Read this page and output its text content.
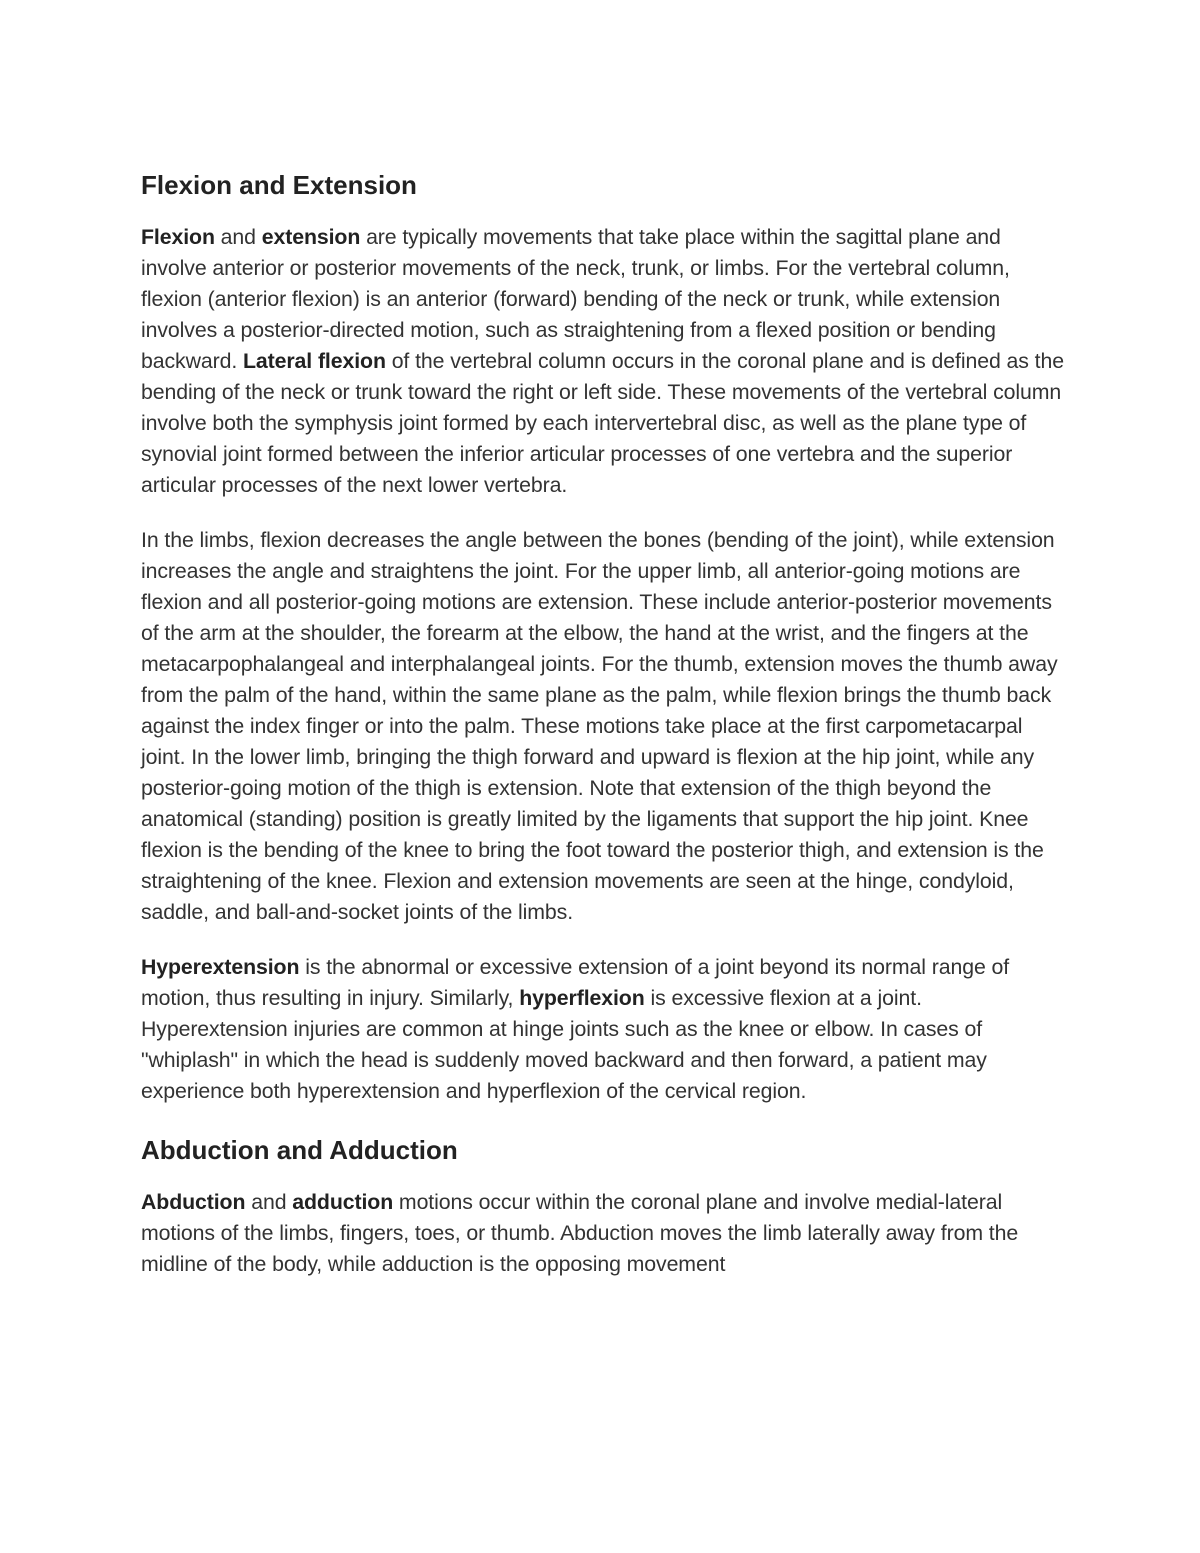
Flexion and Extension

Flexion and extension are typically movements that take place within the sagittal plane and involve anterior or posterior movements of the neck, trunk, or limbs. For the vertebral column, flexion (anterior flexion) is an anterior (forward) bending of the neck or trunk, while extension involves a posterior-directed motion, such as straightening from a flexed position or bending backward. Lateral flexion of the vertebral column occurs in the coronal plane and is defined as the bending of the neck or trunk toward the right or left side. These movements of the vertebral column involve both the symphysis joint formed by each intervertebral disc, as well as the plane type of synovial joint formed between the inferior articular processes of one vertebra and the superior articular processes of the next lower vertebra.

In the limbs, flexion decreases the angle between the bones (bending of the joint), while extension increases the angle and straightens the joint. For the upper limb, all anterior-going motions are flexion and all posterior-going motions are extension. These include anterior-posterior movements of the arm at the shoulder, the forearm at the elbow, the hand at the wrist, and the fingers at the metacarpophalangeal and interphalangeal joints. For the thumb, extension moves the thumb away from the palm of the hand, within the same plane as the palm, while flexion brings the thumb back against the index finger or into the palm. These motions take place at the first carpometacarpal joint. In the lower limb, bringing the thigh forward and upward is flexion at the hip joint, while any posterior-going motion of the thigh is extension. Note that extension of the thigh beyond the anatomical (standing) position is greatly limited by the ligaments that support the hip joint. Knee flexion is the bending of the knee to bring the foot toward the posterior thigh, and extension is the straightening of the knee. Flexion and extension movements are seen at the hinge, condyloid, saddle, and ball-and-socket joints of the limbs.

Hyperextension is the abnormal or excessive extension of a joint beyond its normal range of motion, thus resulting in injury. Similarly, hyperflexion is excessive flexion at a joint. Hyperextension injuries are common at hinge joints such as the knee or elbow. In cases of "whiplash" in which the head is suddenly moved backward and then forward, a patient may experience both hyperextension and hyperflexion of the cervical region.

Abduction and Adduction

Abduction and adduction motions occur within the coronal plane and involve medial-lateral motions of the limbs, fingers, toes, or thumb. Abduction moves the limb laterally away from the midline of the body, while adduction is the opposing movement
